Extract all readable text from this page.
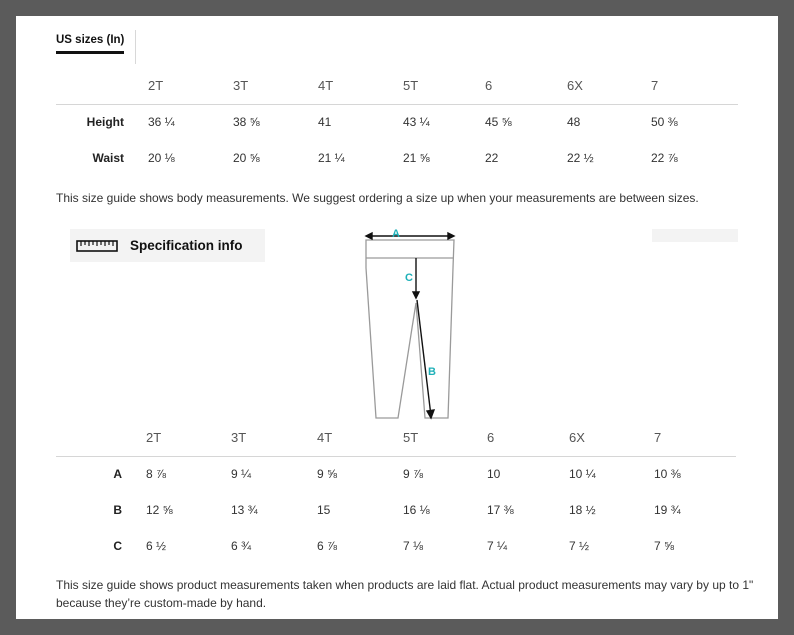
US sizes (In)
	2T	3T	4T	5T	6	6X	7
Height	36 ¼	38 ⅝	41	43 ¼	45 ⅝	48	50 ⅜
Waist	20 ⅛	20 ⅝	21 ¼	21 ⅝	22	22 ½	22 ⅞

This size guide shows body measurements. We suggest ordering a size up when your measurements are between sizes.

Specification info
A
C
B
	2T	3T	4T	5T	6	6X	7
A	8 ⅞	9 ¼	9 ⅝	9 ⅞	10	10 ¼	10 ⅜
B	12 ⅝	13 ¾	15	16 ⅛	17 ⅜	18 ½	19 ¾
C	6 ½	6 ¾	6 ⅞	7 ⅛	7 ¼	7 ½	7 ⅝

This size guide shows product measurements taken when products are laid flat. Actual product measurements may vary by up to 1" because they’re custom-made by hand.
